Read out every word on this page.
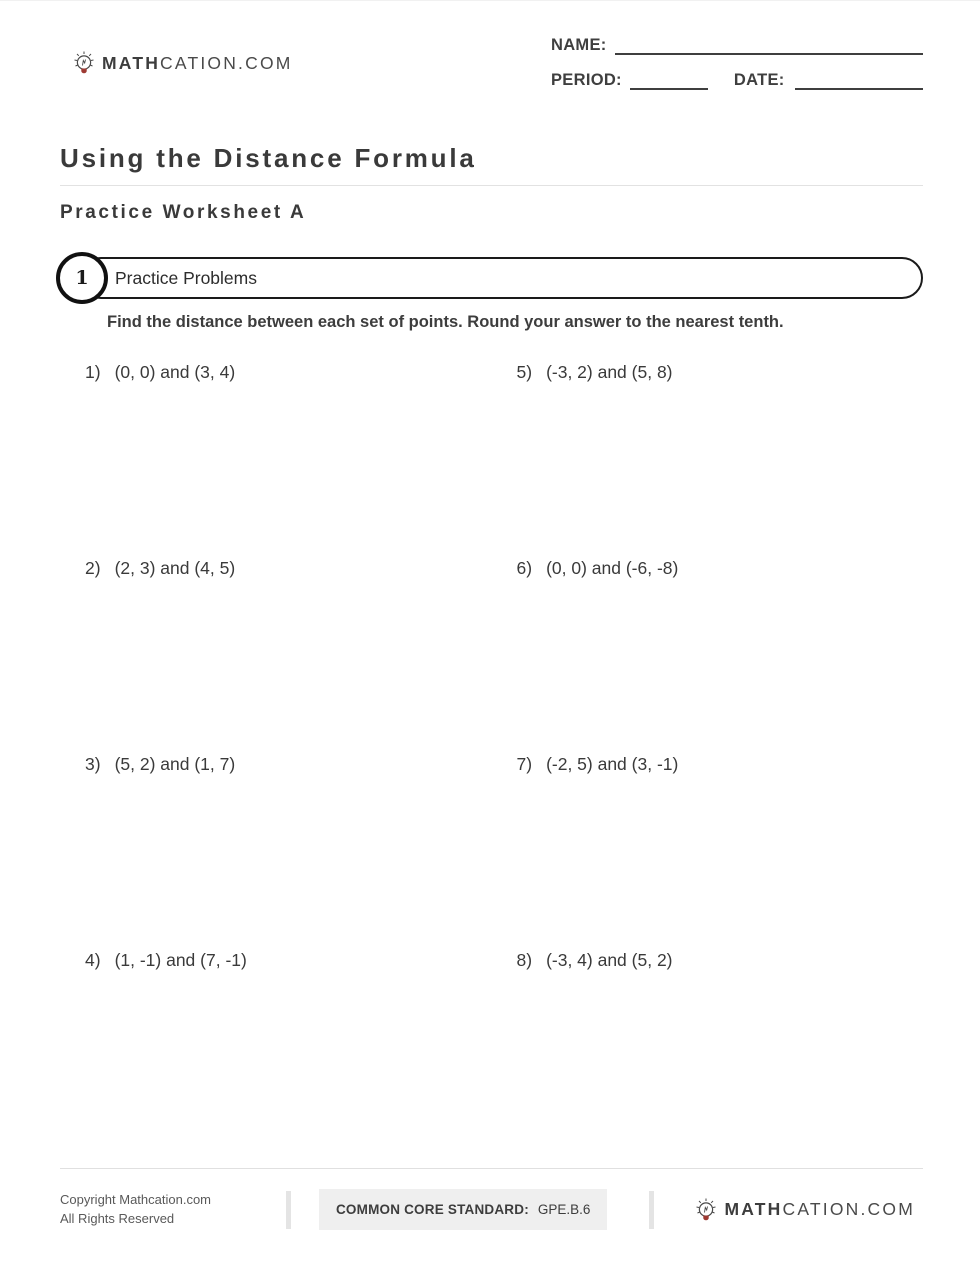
MATHCATION.COM
NAME:
PERIOD:	DATE:
Using the Distance Formula
Practice Worksheet A
1	Practice Problems
Find the distance between each set of points. Round your answer to the nearest tenth.
1) (0, 0) and (3, 4)	5) (-3, 2) and (5, 8)
2) (2, 3) and (4, 5)	6) (0, 0) and (-6, -8)
3) (5, 2) and (1, 7)	7) (-2, 5) and (3, -1)
4) (1, -1) and (7, -1)	8) (-3, 4) and (5, 2)
Copyright Mathcation.com
All Rights Reserved
COMMON CORE STANDARD: GPE.B.6	MATHCATION.COM
